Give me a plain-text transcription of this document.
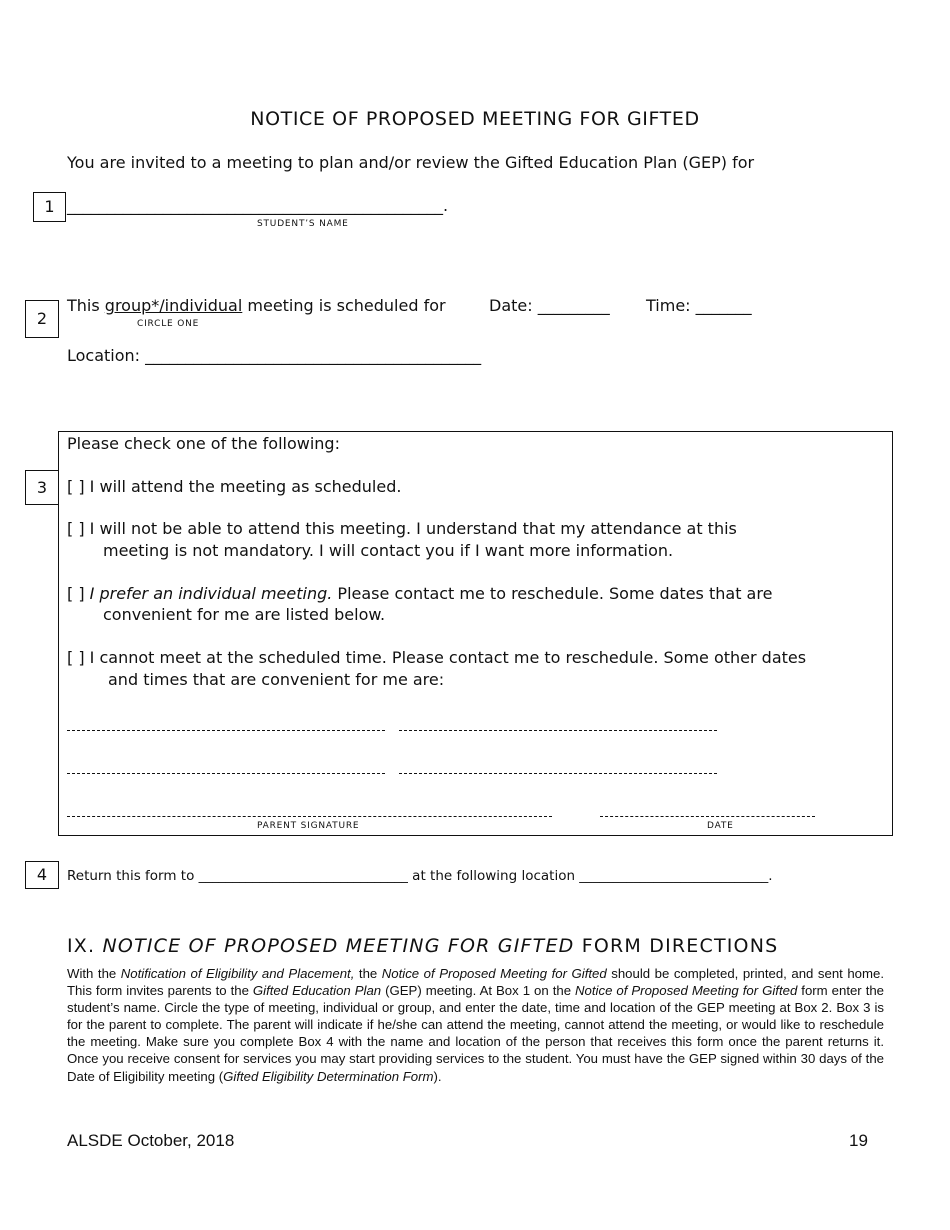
NOTICE OF PROPOSED MEETING FOR GIFTED
You are invited to a meeting to plan and/or review the Gifted Education Plan (GEP) for
1 _______________________________________________.
STUDENT’S NAME
2
This group*/individual meeting is scheduled for
CIRCLE ONE
Date: _________ Time: _______
Location: __________________________________________
3
Please check one of the following:
[ ] I will attend the meeting as scheduled.
[ ] I will not be able to attend this meeting. I understand that my attendance at this
meeting is not mandatory. I will contact you if I want more information.
[ ] I prefer an individual meeting. Please contact me to reschedule. Some dates that are
convenient for me are listed below.
[ ] I cannot meet at the scheduled time. Please contact me to reschedule. Some other dates
and times that are convenient for me are:
PARENT SIGNATURE	DATE
4	Return this form to _______________________________ at the following location ____________________________.
IX. NOTICE OF PROPOSED MEETING FOR GIFTED FORM DIRECTIONS
With the Notification of Eligibility and Placement, the Notice of Proposed Meeting for Gifted should be completed, printed, and sent home. This form invites parents to the Gifted Education Plan (GEP) meeting. At Box 1 on the Notice of Proposed Meeting for Gifted form enter the student’s name. Circle the type of meeting, individual or group, and enter the date, time and location of the GEP meeting at Box 2. Box 3 is for the parent to complete. The parent will indicate if he/she can attend the meeting, cannot attend the meeting, or would like to reschedule the meeting. Make sure you complete Box 4 with the name and location of the person that receives this form once the parent returns it. Once you receive consent for services you may start providing services to the student. You must have the GEP signed within 30 days of the Date of Eligibility meeting (Gifted Eligibility Determination Form).
ALSDE October, 2018	19
